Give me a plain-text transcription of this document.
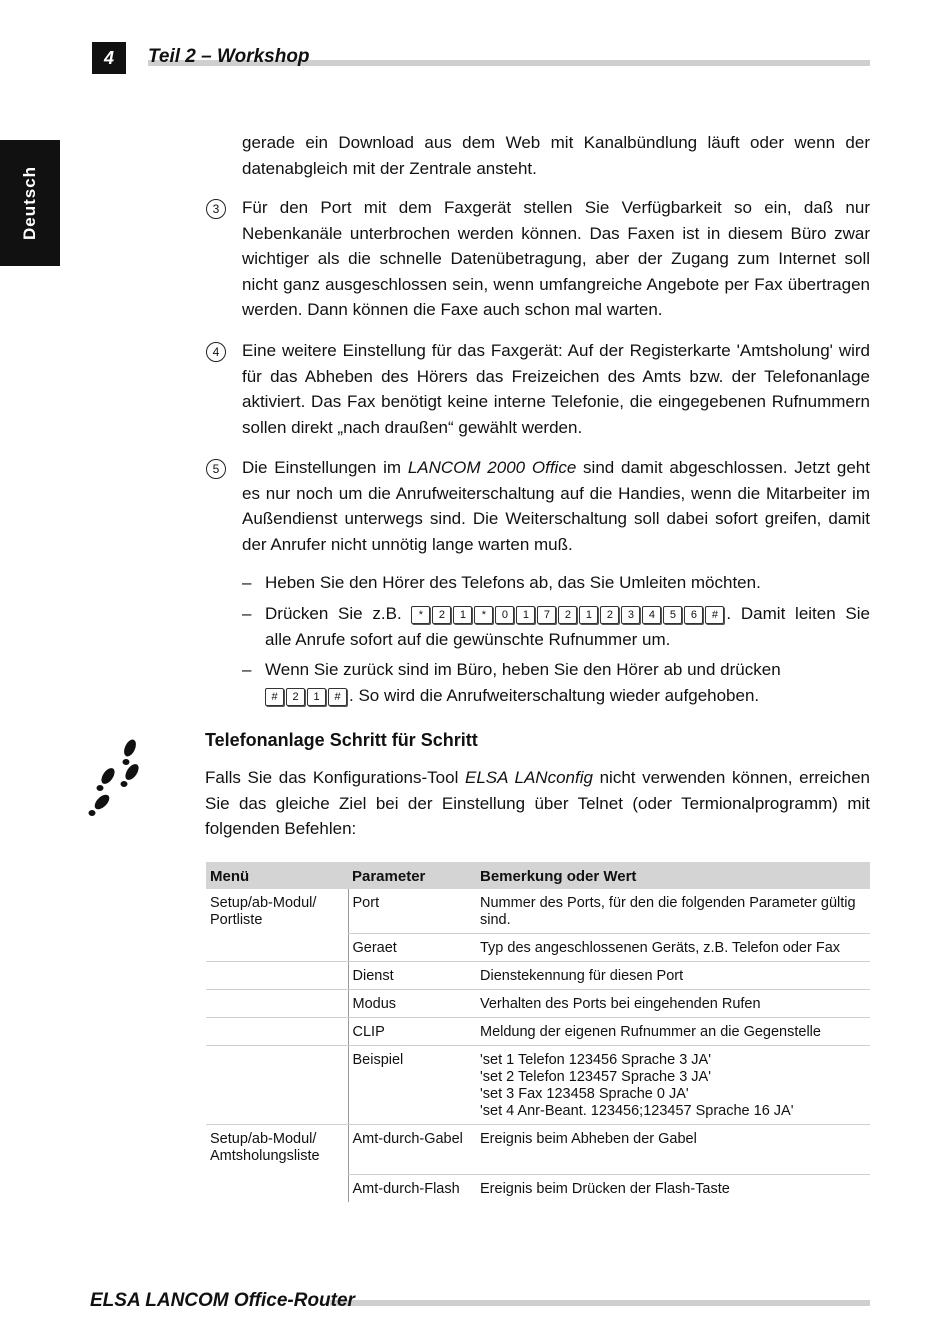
4	Teil 2 – Workshop
Deutsch
gerade ein Download aus dem Web mit Kanalbündlung läuft oder wenn der datenabgleich mit der Zentrale ansteht.
3	Für den Port mit dem Faxgerät stellen Sie Verfügbarkeit so ein, daß nur Nebenkanäle unterbrochen werden können. Das Faxen ist in diesem Büro zwar wichtiger als die schnelle Datenübetragung, aber der Zugang zum Internet soll nicht ganz ausgeschlossen sein, wenn umfangreiche Angebote per Fax übertragen werden. Dann können die Faxe auch schon mal warten.
4	Eine weitere Einstellung für das Faxgerät: Auf der Registerkarte 'Amtsholung' wird für das Abheben des Hörers das Freizeichen des Amts bzw. der Telefonanlage aktiviert. Das Fax benötigt keine interne Telefonie, die eingegebenen Rufnummern sollen direkt „nach draußen“ gewählt werden.
5	Die Einstellungen im LANCOM 2000 Office sind damit abgeschlossen. Jetzt geht es nur noch um die Anrufweiterschaltung auf die Handies, wenn die Mitarbeiter im Außendienst unterwegs sind. Die Weiterschaltung soll dabei sofort greifen, damit der Anrufer nicht unnötig lange warten muß.
– Heben Sie den Hörer des Telefons ab, das Sie Umleiten möchten.
– Drücken Sie z.B. * 2 1 * 0 1 7 2 1 2 3 4 5 6 # . Damit leiten Sie alle Anrufe sofort auf die gewünschte Rufnummer um.
– Wenn Sie zurück sind im Büro, heben Sie den Hörer ab und drücken # 2 1 # . So wird die Anrufweiterschaltung wieder aufgehoben.
Telefonanlage Schritt für Schritt
Falls Sie das Konfigurations-Tool ELSA LANconfig nicht verwenden können, erreichen Sie das gleiche Ziel bei der Einstellung über Telnet (oder Termionalprogramm) mit folgenden Befehlen:
Menü	Parameter	Bemerkung oder Wert
Setup/ab-Modul/ Portliste	Port	Nummer des Ports, für den die folgenden Parameter gültig sind.
	Geraet	Typ des angeschlossenen Geräts, z.B. Telefon oder Fax
	Dienst	Dienstekennung für diesen Port
	Modus	Verhalten des Ports bei eingehenden Rufen
	CLIP	Meldung der eigenen Rufnummer an die Gegenstelle
	Beispiel	'set 1 Telefon 123456 Sprache 3 JA'
'set 2 Telefon 123457 Sprache 3 JA'
'set 3 Fax 123458 Sprache 0 JA'
'set 4 Anr-Beant. 123456;123457 Sprache 16 JA'

Setup/ab-Modul/ Amtsholungsliste	Amt-durch-Gabel	Ereignis beim Abheben der Gabel
	Amt-durch-Flash	Ereignis beim Drücken der Flash-Taste
ELSA LANCOM Office-Router
